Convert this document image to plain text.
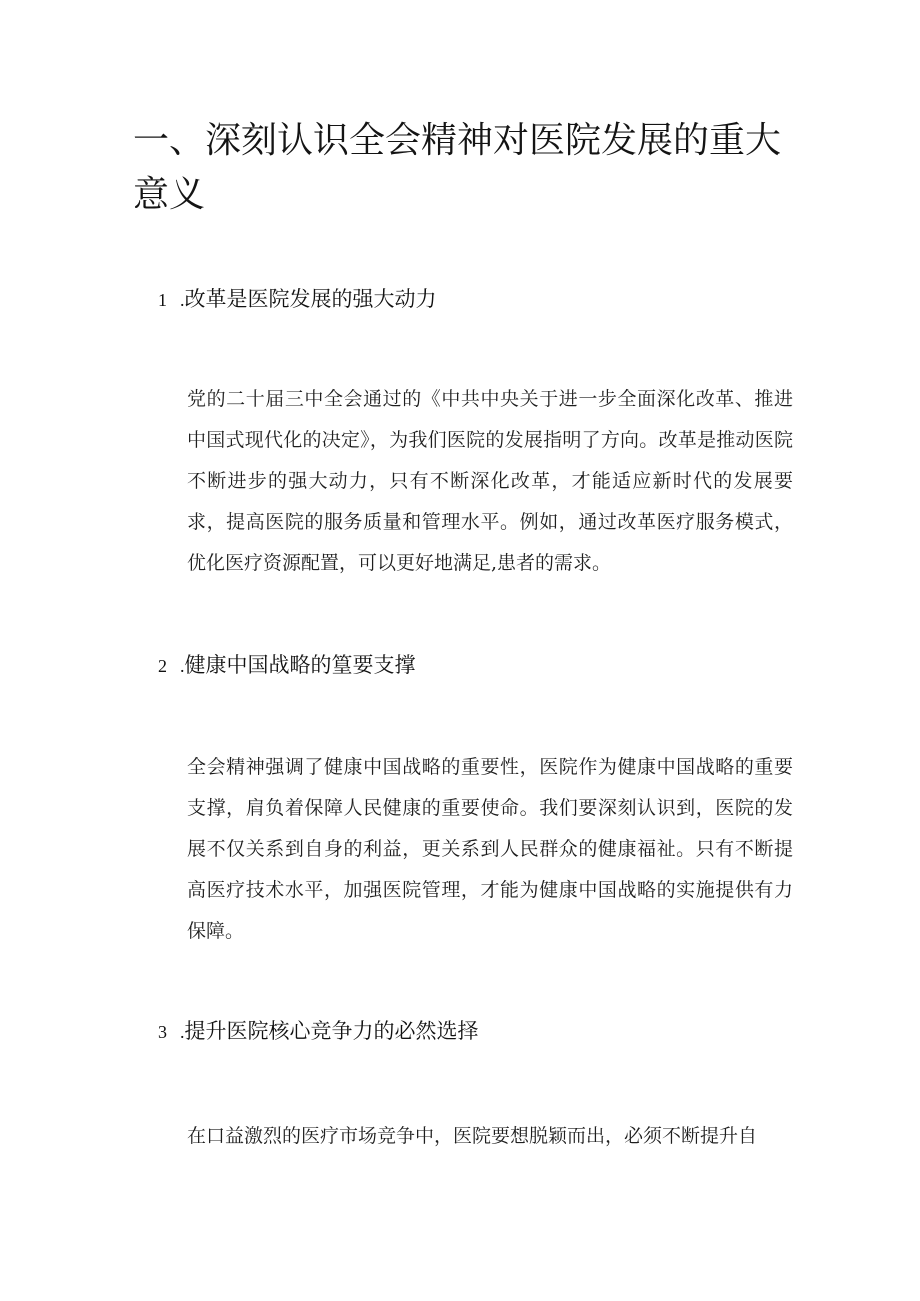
一、深刻认识全会精神对医院发展的重大意义
1 .改革是医院发展的强大动力

党的二十届三中全会通过的《中共中央关于进一步全面深化改革、推进中国式现代化的决定》，为我们医院的发展指明了方向。改革是推动医院不断进步的强大动力，只有不断深化改革，才能适应新时代的发展要求，提高医院的服务质量和管理水平。例如，通过改革医疗服务模式，优化医疗资源配置，可以更好地满足,患者的需求。

2 .健康中国战略的篁要支撑

全会精神强调了健康中国战略的重要性，医院作为健康中国战略的重要支撑，肩负着保障人民健康的重要使命。我们要深刻认识到，医院的发展不仅关系到自身的利益，更关系到人民群众的健康福祉。只有不断提高医疗技术水平，加强医院管理，才能为健康中国战略的实施提供有力保障。

3 .提升医院核心竞争力的必然选择

在口益激烈的医疗市场竞争中，医院要想脱颖而出，必须不断提升自
